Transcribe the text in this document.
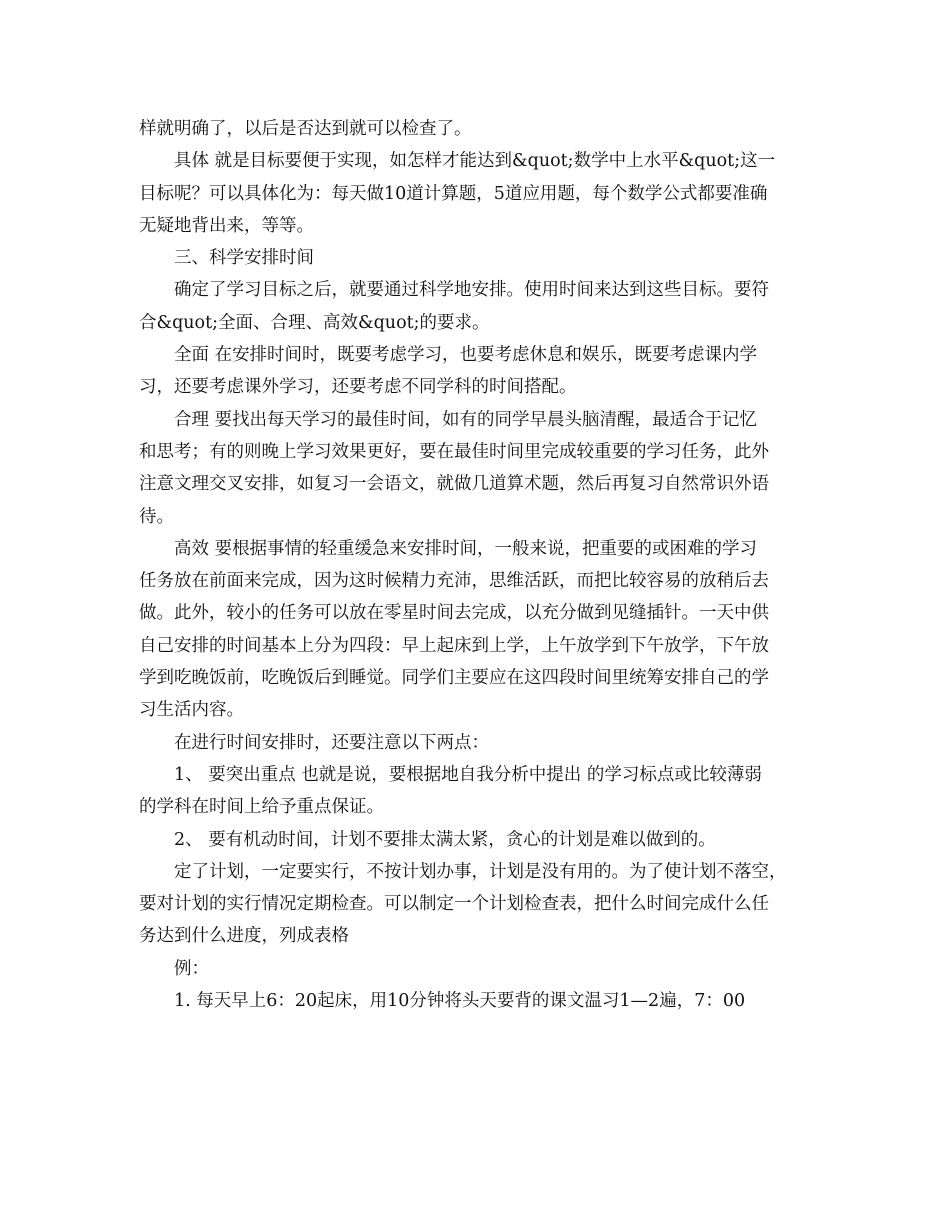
样就明确了，以后是否达到就可以检查了。
具体 就是目标要便于实现，如怎样才能达到&quot;数学中上水平&quot;这一
目标呢？可以具体化为：每天做10道计算题，5道应用题，每个数学公式都要准确
无疑地背出来，等等。
三、科学安排时间
确定了学习目标之后，就要通过科学地安排。使用时间来达到这些目标。要符
合&quot;全面、合理、高效&quot;的要求。
全面 在安排时间时，既要考虑学习，也要考虑休息和娱乐，既要考虑课内学
习，还要考虑课外学习，还要考虑不同学科的时间搭配。
合理 要找出每天学习的最佳时间，如有的同学早晨头脑清醒，最适合于记忆
和思考；有的则晚上学习效果更好，要在最佳时间里完成较重要的学习任务，此外
注意文理交叉安排，如复习一会语文，就做几道算术题，然后再复习自然常识外语
待。
高效 要根据事情的轻重缓急来安排时间，一般来说，把重要的或困难的学习
任务放在前面来完成，因为这时候精力充沛，思维活跃，而把比较容易的放稍后去
做。此外，较小的任务可以放在零星时间去完成，以充分做到见缝插针。一天中供
自己安排的时间基本上分为四段：早上起床到上学，上午放学到下午放学，下午放
学到吃晚饭前，吃晚饭后到睡觉。同学们主要应在这四段时间里统筹安排自己的学
习生活内容。
在进行时间安排时，还要注意以下两点：
1、 要突出重点 也就是说，要根据地自我分析中提出 的学习标点或比较薄弱
的学科在时间上给予重点保证。
2、 要有机动时间，计划不要排太满太紧，贪心的计划是难以做到的。
定了计划，一定要实行，不按计划办事，计划是没有用的。为了使计划不落空，
要对计划的实行情况定期检查。可以制定一个计划检查表，把什么时间完成什么任
务达到什么进度，列成表格
例：
1. 每天早上6：20起床，用10分钟将头天要背的课文温习1—2遍，7：00
